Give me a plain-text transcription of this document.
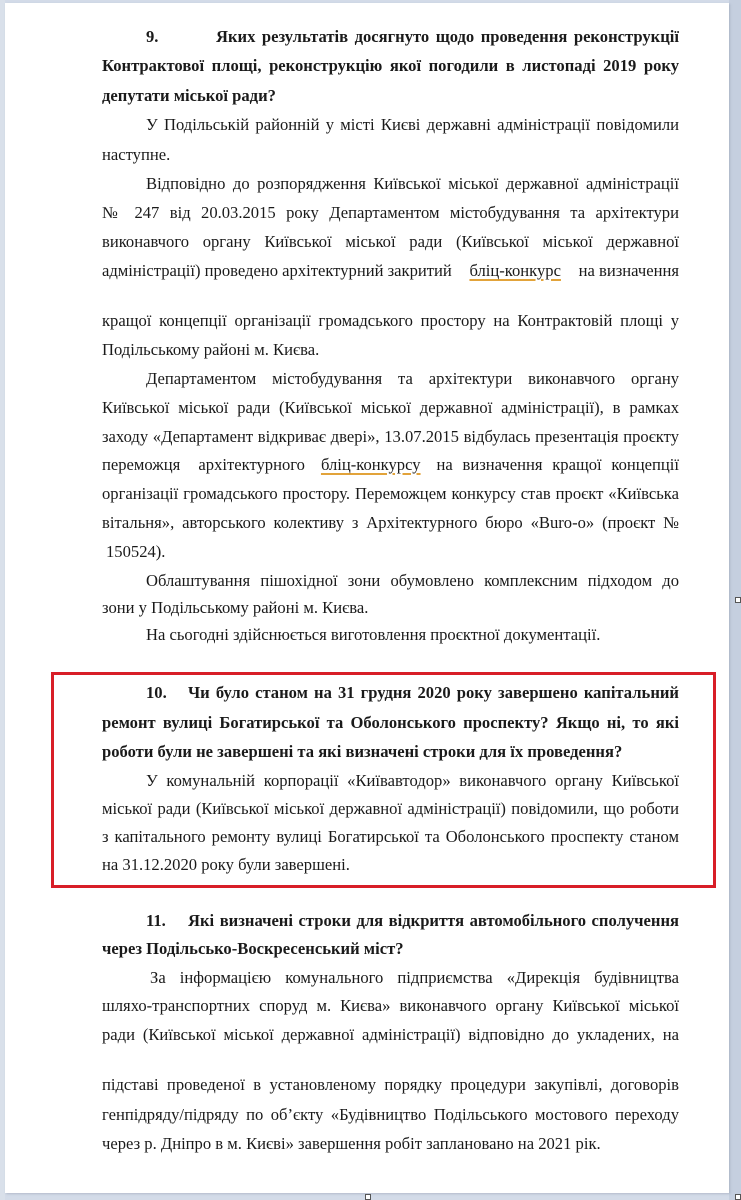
9.	Яких результатів досягнуто щодо проведення реконструкції
Контрактової площі, реконструкцію якої погодили в листопаді 2019 року
депутати міської ради?
У Подільській районній у місті Києві державні адміністрації повідомили
наступне.
Відповідно до розпорядження Київської міської державної адміністрації
№ 247 від 20.03.2015 року Департаментом містобудування та архітектури
виконавчого органу Київської міської ради (Київської міської державної
адміністрації) проведено архітектурний закритий бліц-конкурс на визначення
кращої концепції організації громадського простору на Контрактовій площі у
Подільському районі м. Києва.
Департаментом містобудування та архітектури виконавчого органу
Київської міської ради (Київської міської державної адміністрації), в рамках
заходу «Департамент відкриває двері», 13.07.2015 відбулась презентація проєкту
переможця архітектурного бліц-конкурсу на визначення кращої концепції
організації громадського простору. Переможцем конкурсу став проєкт «Київська
вітальня», авторського колективу з Архітектурного бюро «Buro-o» (проєкт №
150524).
Облаштування пішохідної зони обумовлено комплексним підходом до
зони у Подільському районі м. Києва.
На сьогодні здійснюється виготовлення проєктної документації.
10.	Чи було станом на 31 грудня 2020 року завершено капітальний
ремонт вулиці Богатирської та Оболонського проспекту? Якщо ні, то які
роботи були не завершені та які визначені строки для їх проведення?
У комунальній корпорації «Київавтодор» виконавчого органу Київської
міської ради (Київської міської державної адміністрації) повідомили, що роботи
з капітального ремонту вулиці Богатирської та Оболонського проспекту станом
на 31.12.2020 року були завершені.
11.	Які визначені строки для відкриття автомобільного сполучення
через Подільсько-Воскресенський міст?
За інформацією комунального підприємства «Дирекція будівництва
шляхо-транспортних споруд м. Києва» виконавчого органу Київської міської
ради (Київської міської державної адміністрації) відповідно до укладених, на
підставі проведеної в установленому порядку процедури закупівлі, договорів
генпідряду/підряду по об’єкту «Будівництво Подільського мостового переходу
через р. Дніпро в м. Києві» завершення робіт заплановано на 2021 рік.
